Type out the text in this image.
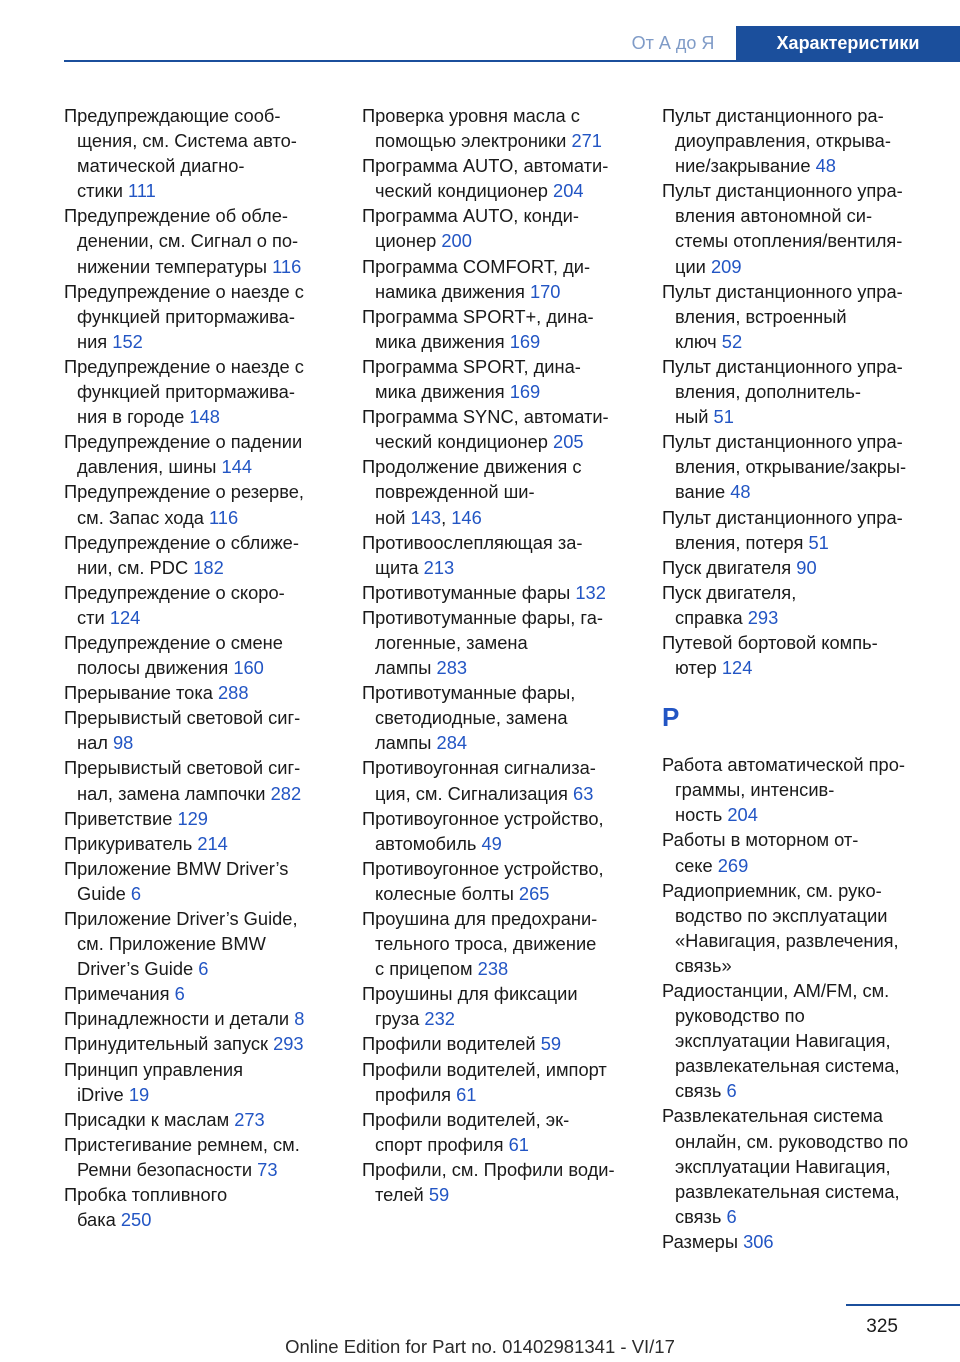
От А до Я	Характеристики
Предупреждающие сооб-
щения, см. Система авто-
матической диагно-
стики 111
Предупреждение об обле-
денении, см. Сигнал о по-
нижении температуры 116
Предупреждение о наезде с
функцией притормажива-
ния 152
Предупреждение о наезде с
функцией притормажива-
ния в городе 148
Предупреждение о падении
давления, шины 144
Предупреждение о резерве,
см. Запас хода 116
Предупреждение о сближе-
нии, см. PDC 182
Предупреждение о скоро-
сти 124
Предупреждение о смене
полосы движения 160
Прерывание тока 288
Прерывистый световой сиг-
нал 98
Прерывистый световой сиг-
нал, замена лампочки 282
Приветствие 129
Прикуриватель 214
Приложение BMW Driver’s
Guide 6
Приложение Driver’s Guide,
см. Приложение BMW
Driver’s Guide 6
Примечания 6
Принадлежности и детали 8
Принудительный запуск 293
Принцип управления
iDrive 19
Присадки к маслам 273
Пристегивание ремнем, см.
Ремни безопасности 73
Пробка топливного
бака 250
Проверка уровня масла с
помощью электроники 271
Программа AUTO, автомати-
ческий кондиционер 204
Программа AUTO, конди-
ционер 200
Программа COMFORT, ди-
намика движения 170
Программа SPORT+, дина-
мика движения 169
Программа SPORT, дина-
мика движения 169
Программа SYNC, автомати-
ческий кондиционер 205
Продолжение движения с
поврежденной ши-
ной 143, 146
Противоослепляющая за-
щита 213
Противотуманные фары 132
Противотуманные фары, га-
логенные, замена
лампы 283
Противотуманные фары,
светодиодные, замена
лампы 284
Противоугонная сигнализа-
ция, см. Сигнализация 63
Противоугонное устройство,
автомобиль 49
Противоугонное устройство,
колесные болты 265
Проушина для предохрани-
тельного троса, движение
с прицепом 238
Проушины для фиксации
груза 232
Профили водителей 59
Профили водителей, импорт
профиля 61
Профили водителей, эк-
спорт профиля 61
Профили, см. Профили води-
телей 59
Пульт дистанционного ра-
диоуправления, открыва-
ние/закрывание 48
Пульт дистанционного упра-
вления автономной си-
стемы отопления/вентиля-
ции 209
Пульт дистанционного упра-
вления, встроенный
ключ 52
Пульт дистанционного упра-
вления, дополнитель-
ный 51
Пульт дистанционного упра-
вления, открывание/закры-
вание 48
Пульт дистанционного упра-
вления, потеря 51
Пуск двигателя 90
Пуск двигателя,
справка 293
Путевой бортовой компь-
ютер 124
Р
Работа автоматической про-
граммы, интенсив-
ность 204
Работы в моторном от-
секе 269
Радиоприемник, см. руко-
водство по эксплуатации
«Навигация, развлечения,
связь»
Радиостанции, AM/FM, см.
руководство по
эксплуатации Навигация,
развлекательная система,
связь 6
Развлекательная система
онлайн, см. руководство по
эксплуатации Навигация,
развлекательная система,
связь 6
Размеры 306
325
Online Edition for Part no. 01402981341 - VI/17
